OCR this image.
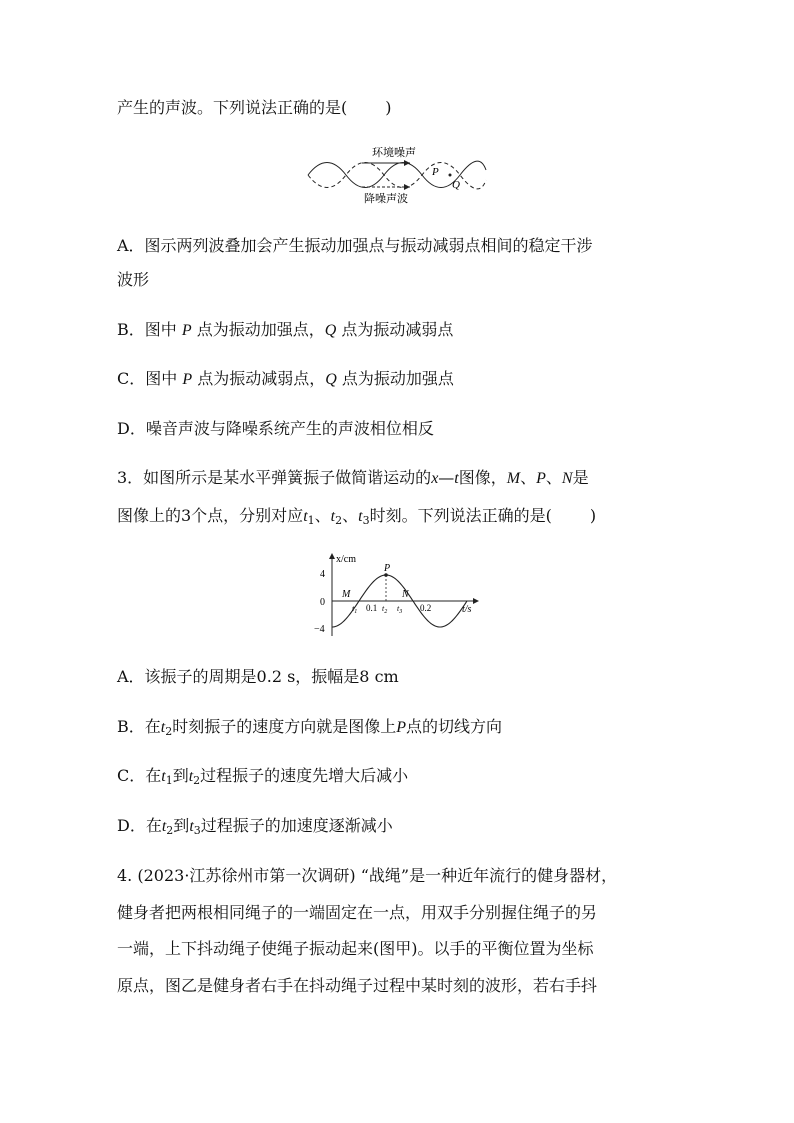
产生的声波。下列说法正确的是( )
环境噪声
降噪声波
P
Q
A．图示两列波叠加会产生振动加强点与振动减弱点相间的稳定干涉
波形
B．图中 P 点为振动加强点，Q 点为振动减弱点
C．图中 P 点为振动减弱点，Q 点为振动加强点
D．噪音声波与降噪系统产生的声波相位相反
3．如图所示是某水平弹簧振子做简谐运动的x—t图像，M、P、N是
图像上的3个点，分别对应$t_1$、$t_2$、$t_3$时刻。下列说法正确的是( )
x/cm
t/s
4
0
−4
M
P
N
0.1	0.2
$t_1$	$t_2$ $t_3$
A．该振子的周期是0.2 s，振幅是8 cm
B．在$t_2$时刻振子的速度方向就是图像上P点的切线方向
C．在$t_1$到$t_2$过程振子的速度先增大后减小
D．在$t_2$到$t_3$过程振子的加速度逐渐减小
4. (2023·江苏徐州市第一次调研) “战绳”是一种近年流行的健身器材，
健身者把两根相同绳子的一端固定在一点，用双手分别握住绳子的另
一端，上下抖动绳子使绳子振动起来(图甲)。以手的平衡位置为坐标
原点，图乙是健身者右手在抖动绳子过程中某时刻的波形，若右手抖
